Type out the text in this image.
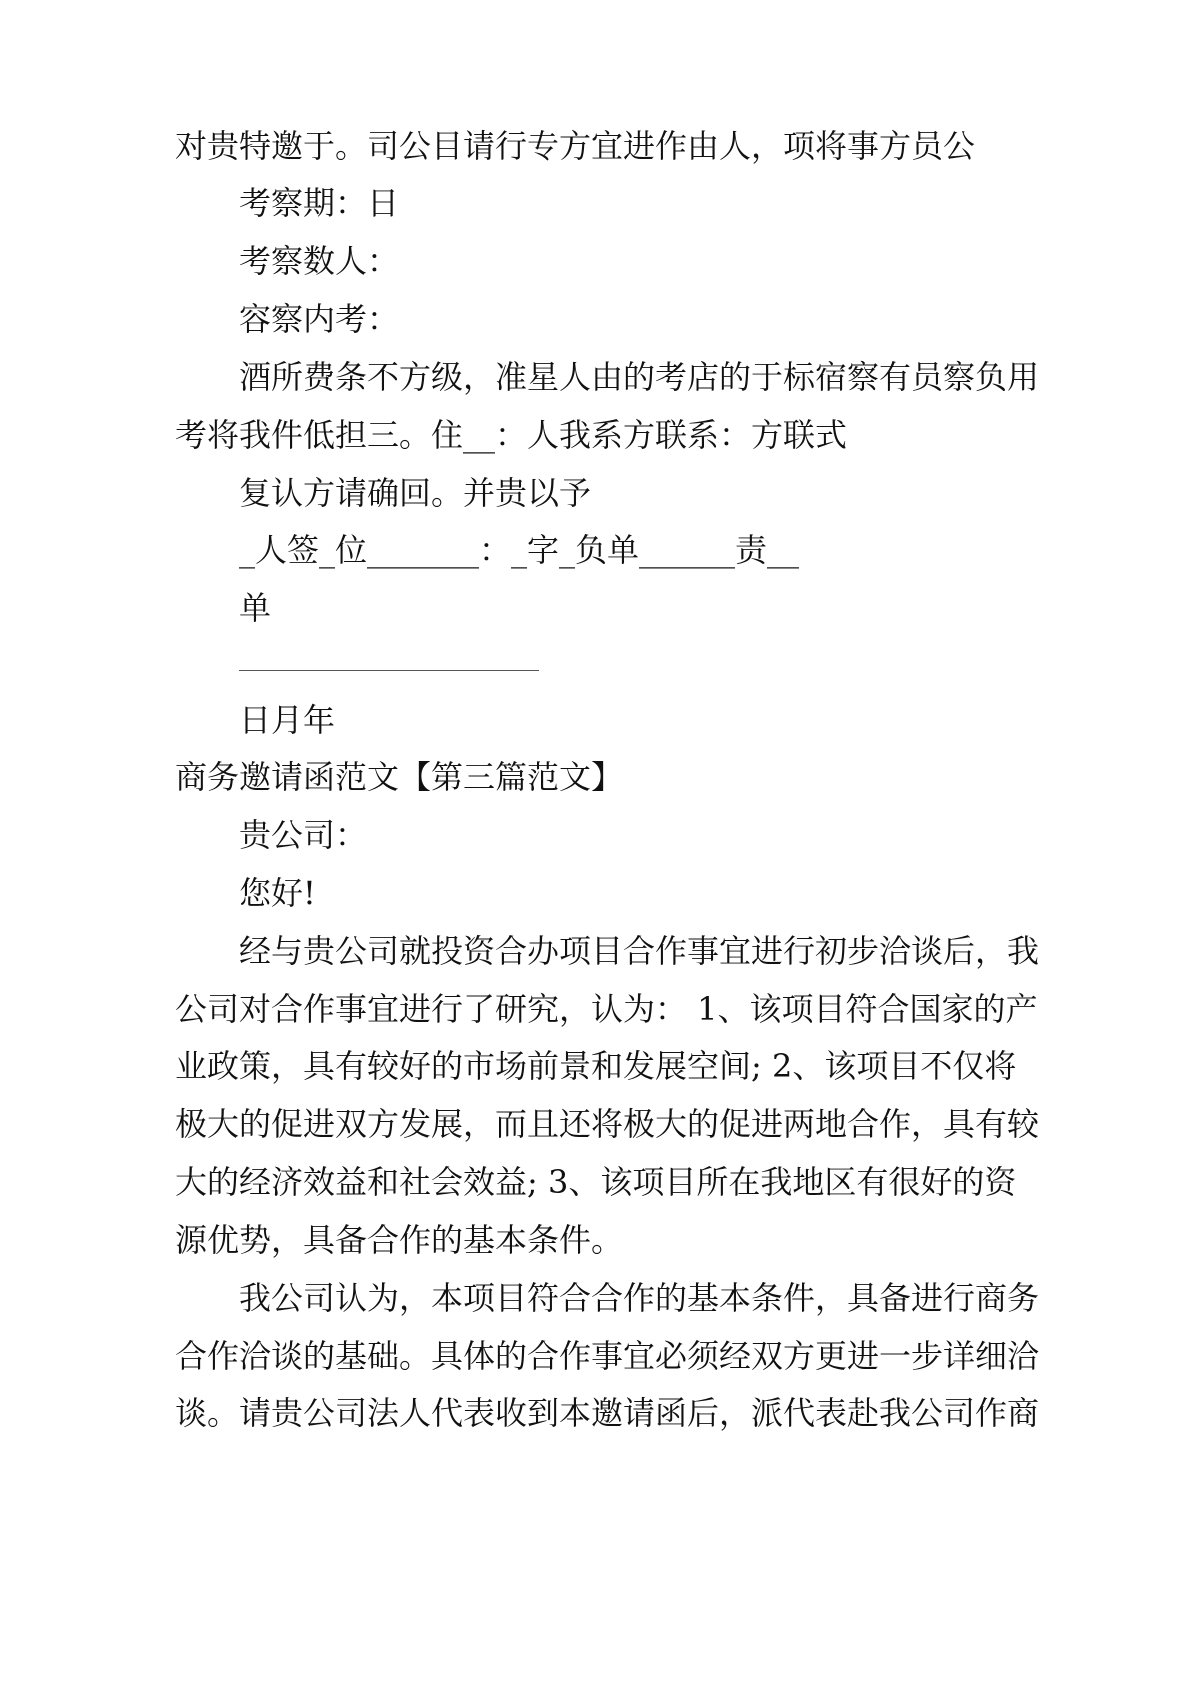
对贵特邀于。司公目请行专方宜进作由人，项将事方员公
考察期：日
考察数人：
容察内考：
酒所费条不方级，准星人由的考店的于标宿察有员察负用
考将我件低担三。住__：人我系方联系：方联式
复认方请确回。并贵以予
_人签_位_______：_字_负单______责__
单
日月年
商务邀请函范文【第三篇范文】
贵公司：
您好!
经与贵公司就投资合办项目合作事宜进行初步洽谈后，我
公司对合作事宜进行了研究，认为： 1、该项目符合国家的产
业政策，具有较好的市场前景和发展空间; 2、该项目不仅将
极大的促进双方发展，而且还将极大的促进两地合作，具有较
大的经济效益和社会效益; 3、该项目所在我地区有很好的资
源优势，具备合作的基本条件。
我公司认为，本项目符合合作的基本条件，具备进行商务
合作洽谈的基础。具体的合作事宜必须经双方更进一步详细洽
谈。请贵公司法人代表收到本邀请函后，派代表赴我公司作商
